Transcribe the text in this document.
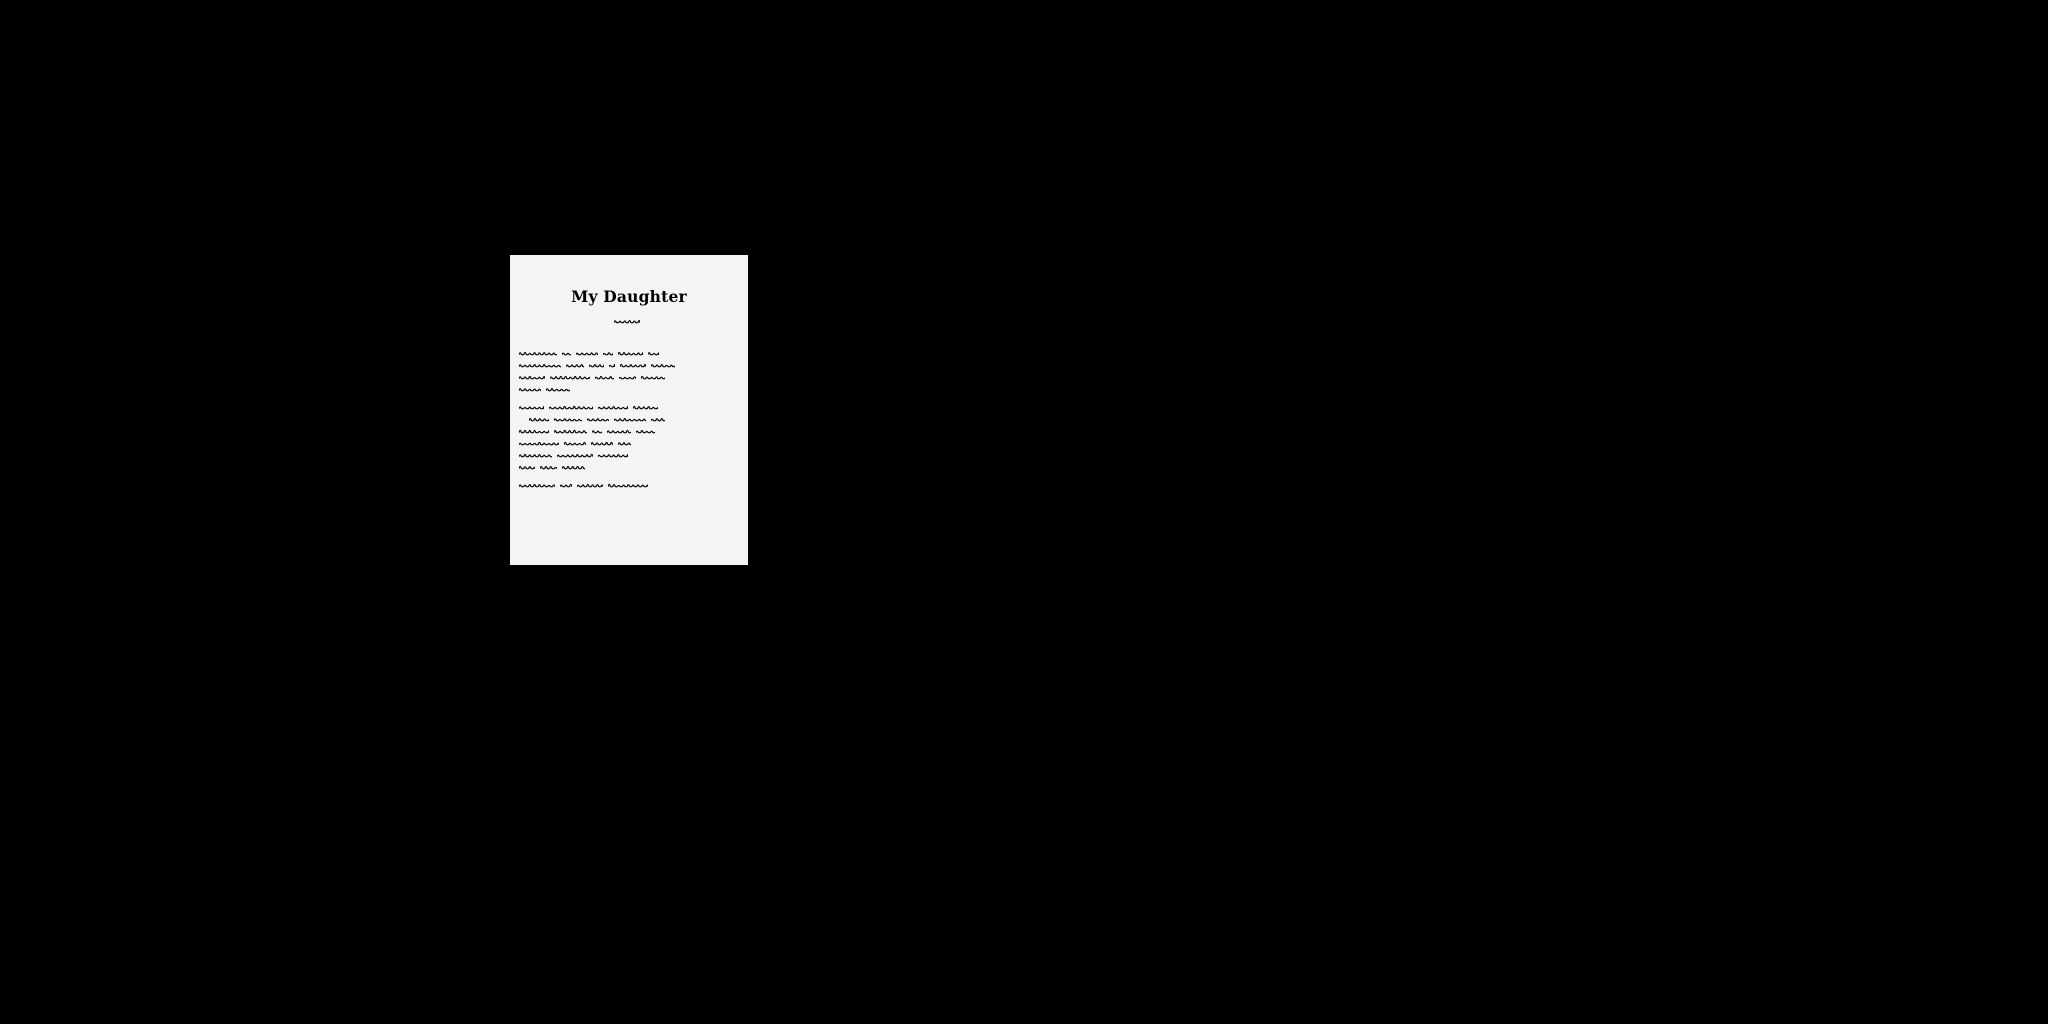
My Daughter
